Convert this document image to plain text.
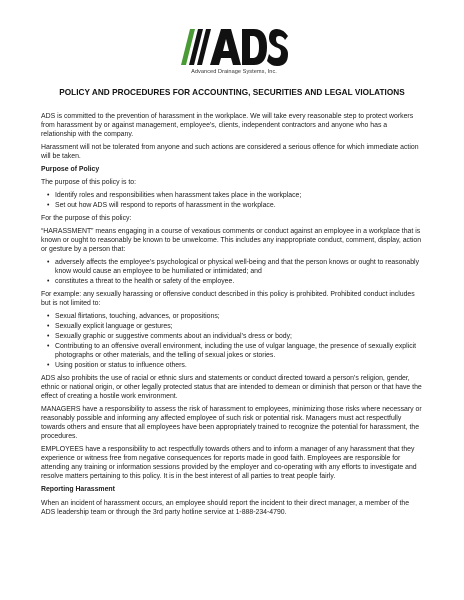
Advanced Drainage Systems, Inc.
POLICY AND PROCEDURES FOR ACCOUNTING, SECURITIES AND LEGAL VIOLATIONS

ADS is committed to the prevention of harassment in the workplace. We will take every reasonable step to protect workers from harassment by or against management, employee’s, clients, independent contractors and anyone who has a relationship with the company.

Harassment will not be tolerated from anyone and such actions are considered a serious offence for which immediate action will be taken.

Purpose of Policy

The purpose of this policy is to:

• Identify roles and responsibilities when harassment takes place in the workplace;
• Set out how ADS will respond to reports of harassment in the workplace.

For the purpose of this policy:

“HARASSMENT” means engaging in a course of vexatious comments or conduct against an employee in a workplace that is known or ought to reasonably be known to be unwelcome. This includes any inappropriate conduct, comment, display, action or gesture by a person that:

• adversely affects the employee’s psychological or physical well-being and that the person knows or ought to reasonably know would cause an employee to be humiliated or intimidated; and
• constitutes a threat to the health or safety of the employee.

For example: any sexually harassing or offensive conduct described in this policy is prohibited. Prohibited conduct includes but is not limited to:

• Sexual flirtations, touching, advances, or propositions;
• Sexually explicit language or gestures;
• Sexually graphic or suggestive comments about an individual’s dress or body;
• Contributing to an offensive overall environment, including the use of vulgar language, the presence of sexually explicit photographs or other materials, and the telling of sexual jokes or stories.
• Using position or status to influence others.

ADS also prohibits the use of racial or ethnic slurs and statements or conduct directed toward a person’s religion, gender, ethnic or national origin, or other legally protected status that are intended to demean or diminish that person or that have the effect of creating a hostile work environment.

MANAGERS have a responsibility to assess the risk of harassment to employees, minimizing those risks where necessary or reasonably possible and informing any affected employee of such risk or potential risk. Managers must act respectfully towards others and ensure that all employees have been appropriately trained to recognize the potential for harassment, the procedures.

EMPLOYEES have a responsibility to act respectfully towards others and to inform a manager of any harassment that they experience or witness free from negative consequences for reports made in good faith. Employees are responsible for attending any training or information sessions provided by the employer and co-operating with any efforts to investigate and resolve matters pertaining to this policy. It is in the best interest of all parties to treat people fairly.

Reporting Harassment

When an incident of harassment occurs, an employee should report the incident to their direct manager, a member of the ADS leadership team or through the 3rd party hotline service at 1-888-234-4790.
